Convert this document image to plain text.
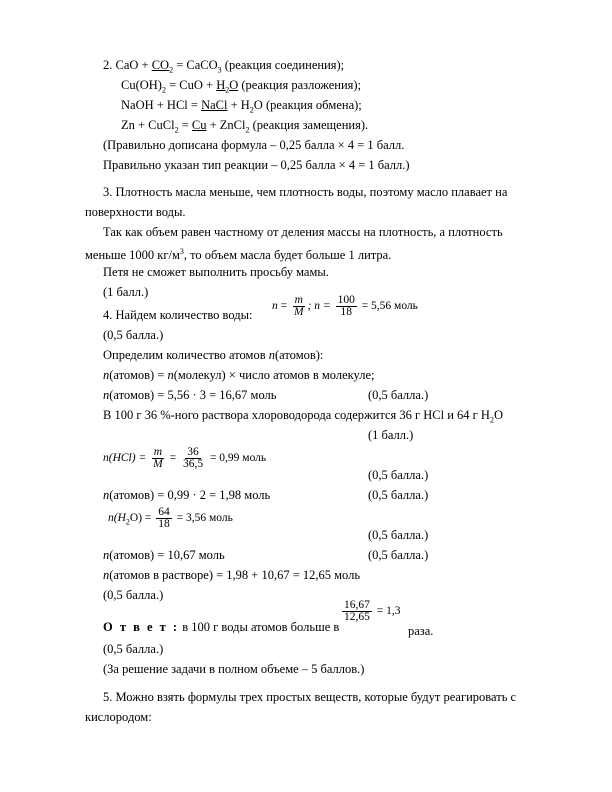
2. CaO + $CO_2$ = CaCO$_3$ (реакция соединения);
$Cu(OH)_2$ = CuO + $H_2O$ (реакция разложения);
NaOH + HCl = NaCl + $H_2O$ (реакция обмена);
Zn + CuCl$_2$ = Cu + ZnCl$_2$ (реакция замещения).
(Правильно дописана формула – 0,25 балла × 4 = 1 балл.
Правильно указан тип реакции – 0,25 балла × 4 = 1 балл.)
3. Плотность масла меньше, чем плотность воды, поэтому масло плавает на
поверхности воды.
Так как объем равен частному от деления массы на плотность, а плотность
меньше 1000 $кг/м^3$, то объем масла будет больше 1 литра.
Петя не сможет выполнить просьбу мамы.
(1 балл.)
$n = \frac{m}{M}$ ; $n = \frac{100}{18} = 5,56$ моль
4. Найдем количество воды:
(0,5 балла.)
Определим количество атомов n(атомов):
n(атомов) = n(молекул) × число атомов в молекуле;
n(атомов) = 5,56 · 3 = 16,67 моль	(0,5 балла.)
В 100 г 36 %-ного раствора хлороводорода содержится 36 г HCl и 64 г $H_2O$
(1 балл.)
$n(HCl) = \frac{m}{M} = \frac{36}{36,5} = 0,99$ моль
(0,5 балла.)
n(атомов) = 0,99 · 2 = 1,98 моль	(0,5 балла.)
$n(H_2O) = \frac{64}{18} = 3,56$ моль
(0,5 балла.)
n(атомов) = 10,67 моль	(0,5 балла.)
n(атомов в растворе) = 1,98 + 10,67 = 12,65 моль
(0,5 балла.)
О т в е т : в 100 г воды атомов больше в
$\frac{16,67}{12,65} = 1,3$
раза.
(0,5 балла.)
(За решение задачи в полном объеме – 5 баллов.)
5. Можно взять формулы трех простых веществ, которые будут реагировать с
кислородом:
